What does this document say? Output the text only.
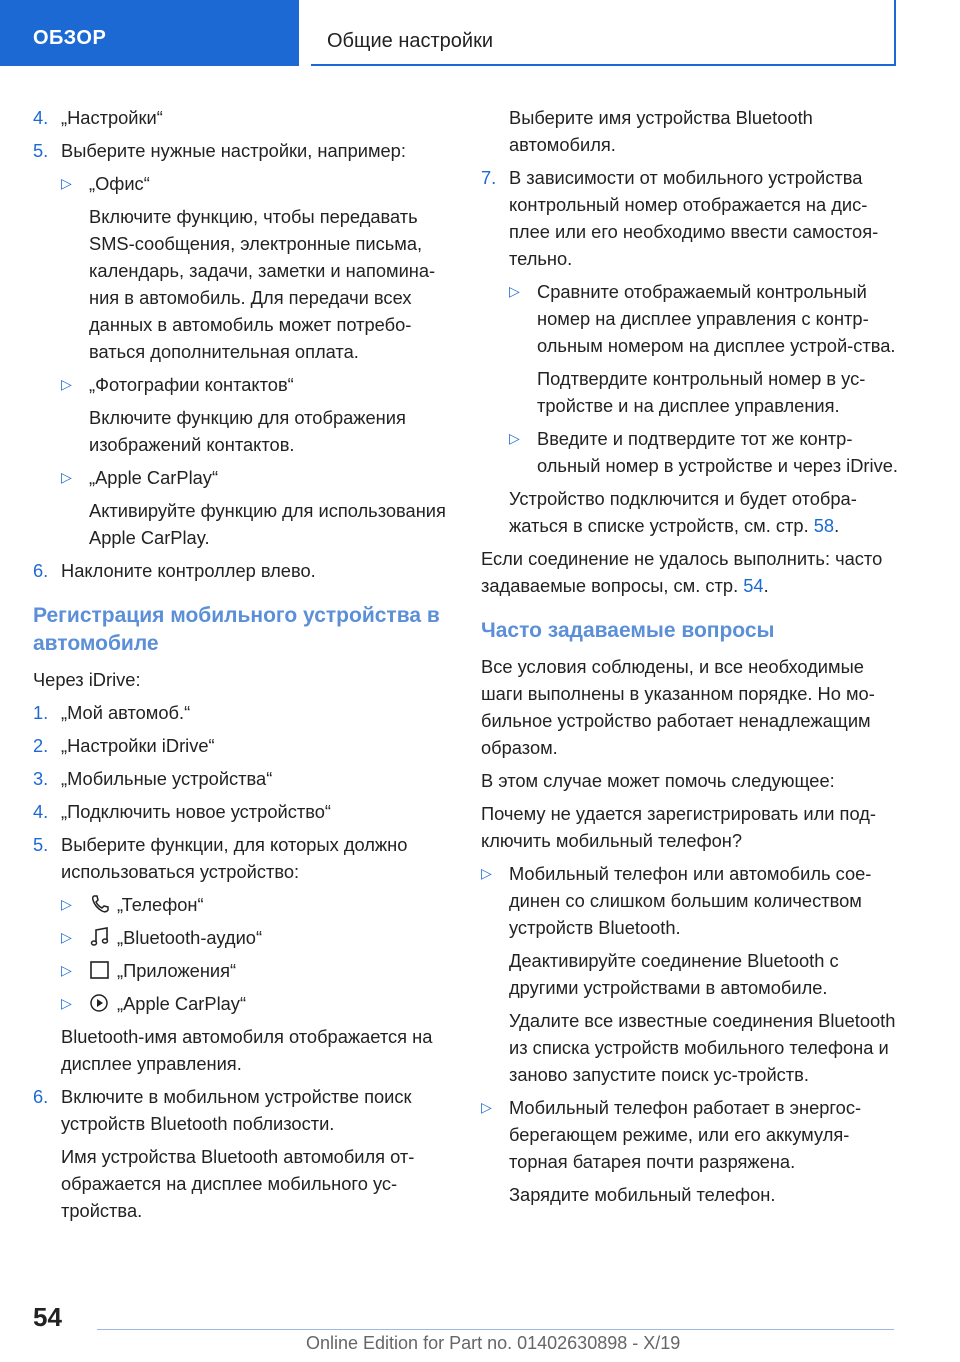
ОБЗОР	Общие настройки
4. „Настройки“
5. Выберите нужные настройки, например:
▷ „Офис“
Включите функцию, чтобы передавать SMS-сообщения, электронные письма, календарь, задачи, заметки и напомина-ния в автомобиль. Для передачи всех данных в автомобиль может потребо-ваться дополнительная оплата.
▷ „Фотографии контактов“
Включите функцию для отображения изображений контактов.
▷ „Apple CarPlay“
Активируйте функцию для использования Apple CarPlay.
6. Наклоните контроллер влево.
Регистрация мобильного устройства в автомобиле
Через iDrive:
1. „Мой автомоб.“
2. „Настройки iDrive“
3. „Мобильные устройства“
4. „Подключить новое устройство“
5. Выберите функции, для которых должно использоваться устройство:
▷ „Телефон“
▷ „Bluetooth-аудио“
▷ „Приложения“
▷ „Apple CarPlay“
Bluetooth-имя автомобиля отображается на дисплее управления.
6. Включите в мобильном устройстве поиск устройств Bluetooth поблизости.
Имя устройства Bluetooth автомобиля от-ображается на дисплее мобильного ус-тройства.
Выберите имя устройства Bluetooth автомобиля.
7. В зависимости от мобильного устройства контрольный номер отображается на дис-плее или его необходимо ввести самостоя-тельно.
▷ Сравните отображаемый контрольный номер на дисплее управления с контр-ольным номером на дисплее устрой-ства.
Подтвердите контрольный номер в ус-тройстве и на дисплее управления.
▷ Введите и подтвердите тот же контр-ольный номер в устройстве и через iDrive.
Устройство подключится и будет отобра-жаться в списке устройств, см. стр. 58.
Если соединение не удалось выполнить: часто задаваемые вопросы, см. стр. 54.
Часто задаваемые вопросы
Все условия соблюдены, и все необходимые шаги выполнены в указанном порядке. Но мо-бильное устройство работает ненадлежащим образом.
В этом случае может помочь следующее:
Почему не удается зарегистрировать или под-ключить мобильный телефон?
▷ Мобильный телефон или автомобиль сое-динен со слишком большим количеством устройств Bluetooth.
Деактивируйте соединение Bluetooth с другими устройствами в автомобиле.
Удалите все известные соединения Bluetooth из списка устройств мобильного телефона и заново запустите поиск ус-тройств.
▷ Мобильный телефон работает в энергос-берегающем режиме, или его аккумуля-торная батарея почти разряжена.
Зарядите мобильный телефон.
54
Online Edition for Part no. 01402630898 - X/19
